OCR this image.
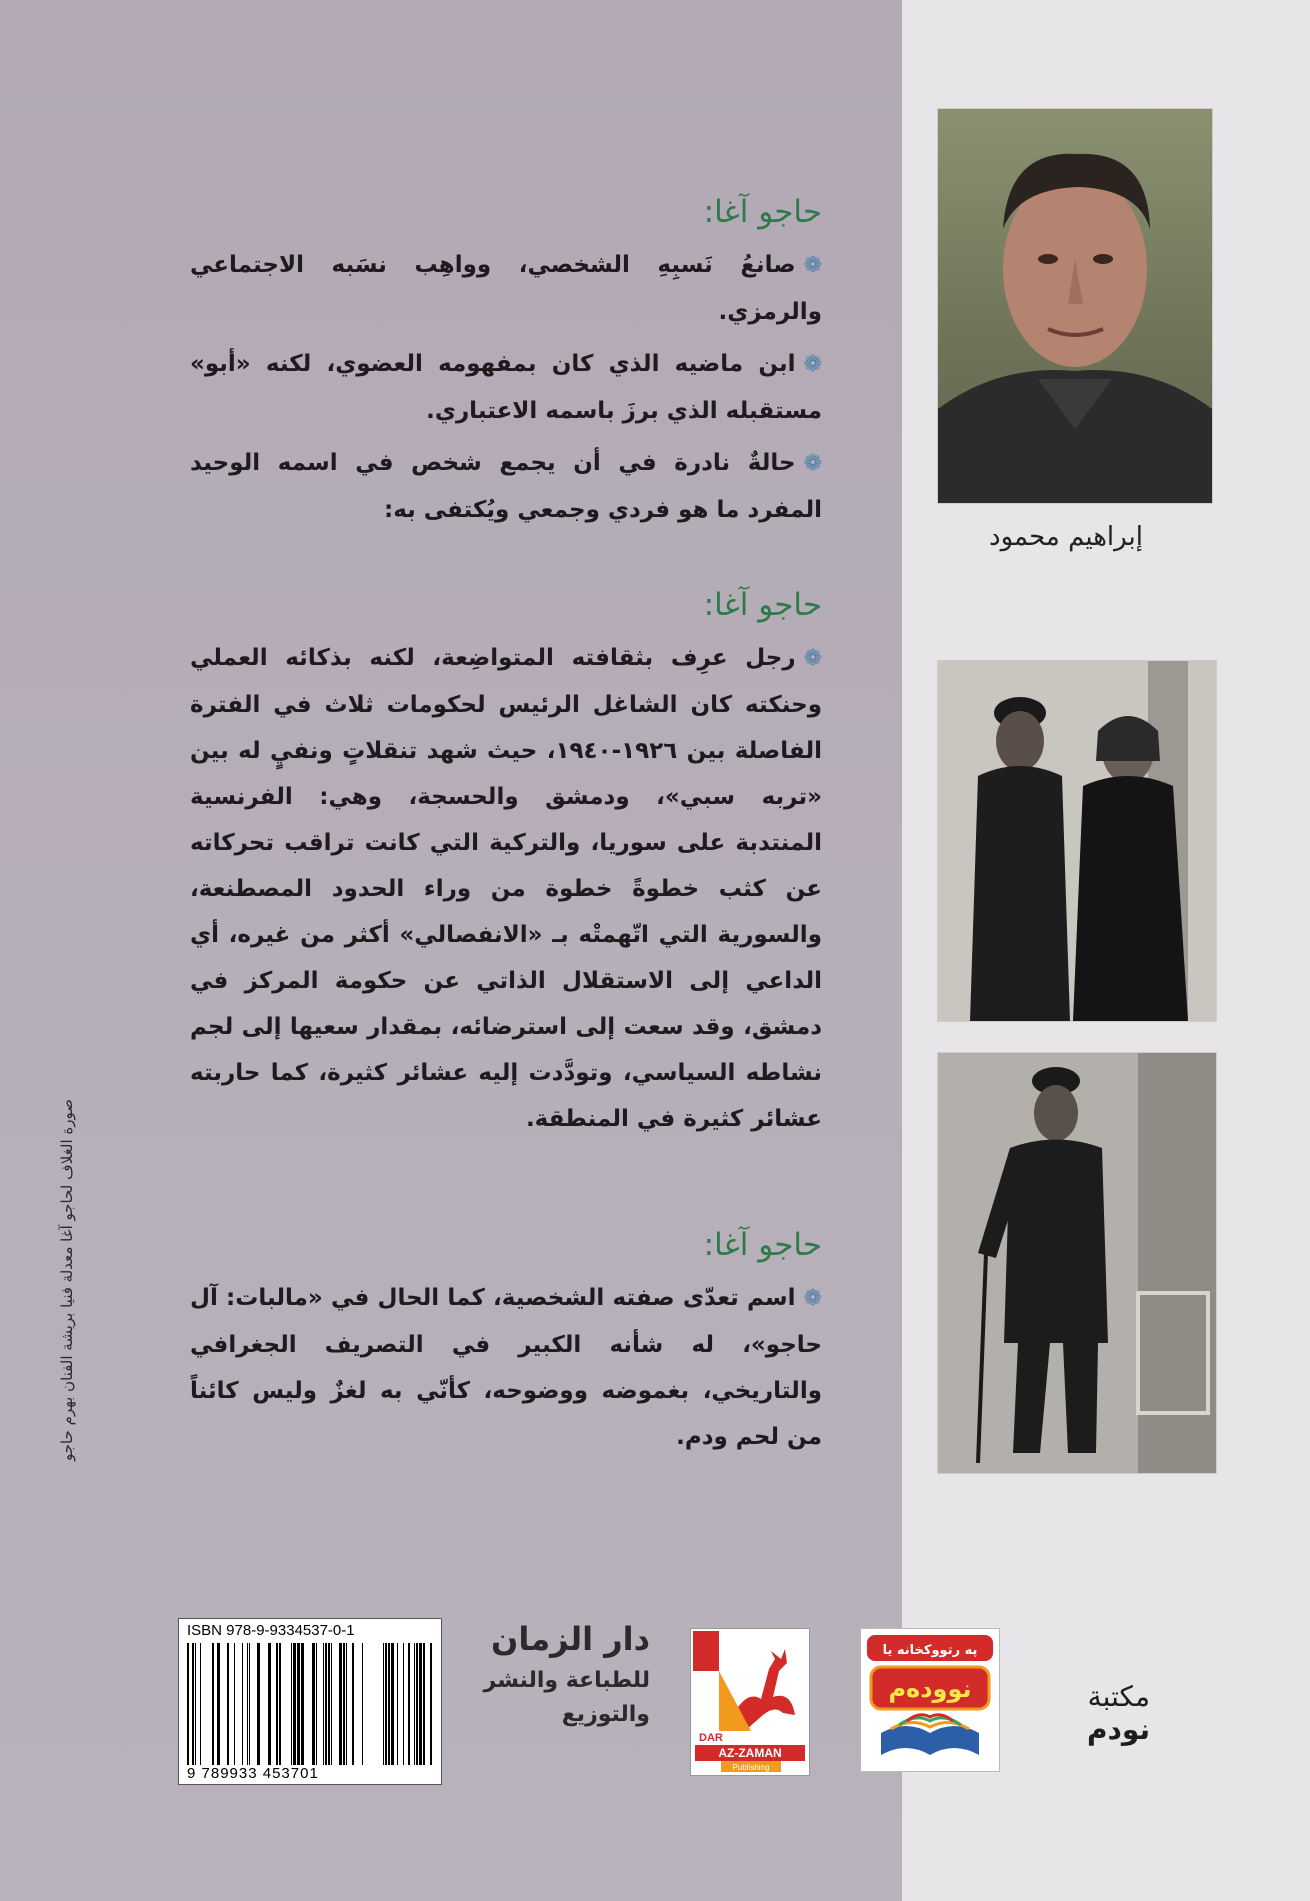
حاجو آغا:

❁صانعُ نَسبِهِ الشخصي، وواهِب نسَبه الاجتماعي والرمزي.

❁ابن ماضيه الذي كان بمفهومه العضوي، لكنه «أبو» مستقبله الذي برزَ باسمه الاعتباري.

❁حالةٌ نادرة في أن يجمع شخص في اسمه الوحيد المفرد ما هو فردي وجمعي ويُكتفى به:

حاجو آغا:

❁رجل عرِف بثقافته المتواضِعة، لكنه بذكائه العملي وحنكته كان الشاغل الرئيس لحكومات ثلاث في الفترة الفاصلة بين ١٩٢٦-١٩٤٠، حيث شهد تنقلاتٍ ونفيٍ له بين «تربه سبي»، ودمشق والحسجة، وهي: الفرنسية المنتدبة على سوريا، والتركية التي كانت تراقب تحركاته عن كثب خطوةً خطوة من وراء الحدود المصطنعة، والسورية التي اتّهمتْه بـ «الانفصالي» أكثر من غيره، أي الداعي إلى الاستقلال الذاتي عن حكومة المركز في دمشق، وقد سعت إلى استرضائه، بمقدار سعيها إلى لجم نشاطه السياسي، وتودَّدت إليه عشائر كثيرة، كما حاربته عشائر كثيرة في المنطقة.

حاجو آغا:

❁اسم تعدّى صفته الشخصية، كما الحال في «مالبات: آل حاجو»، له شأنه الكبير في التصريف الجغرافي والتاريخي، بغموضه ووضوحه، كأنّي به لغزٌ وليس كائناً من لحم ودم.

إبراهيم محمود
صورة الغلاف لحاجو آغا معدلة فنيا بريشة الفنان بهرم حاجو
ISBN 978-9-9334537-0-1
9 789933 453701
دار الزمان
للطباعة والنشر
والتوزيع
DAR
AZ-ZAMAN
Publishing
په رتووکخانه یا
نوودەم	مكتبة
نودم
